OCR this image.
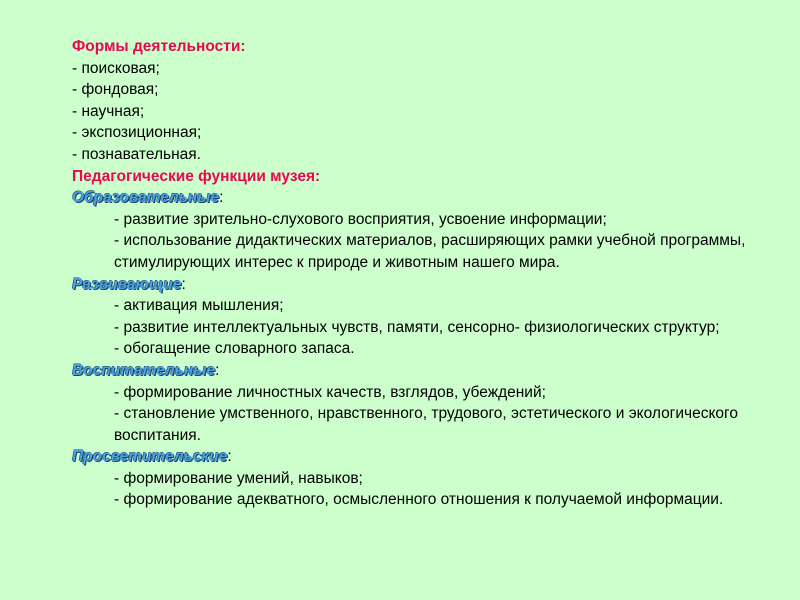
Формы деятельности:
- поисковая;
- фондовая;
- научная;
- экспозиционная;
- познавательная.
Педагогические функции музея:
Образовательные:
- развитие зрительно-слухового восприятия, усвоение информации;
- использование дидактических материалов, расширяющих рамки учебной программы, стимулирующих интерес к природе и животным нашего мира.
Развивающие:
- активация мышления;
- развитие интеллектуальных чувств, памяти, сенсорно- физиологических структур;
- обогащение словарного запаса.
Воспитательные:
- формирование личностных качеств, взглядов, убеждений;
- становление умственного, нравственного, трудового, эстетического и экологического воспитания.
Просветительские:
- формирование умений, навыков;
- формирование адекватного, осмысленного отношения к получаемой информации.
